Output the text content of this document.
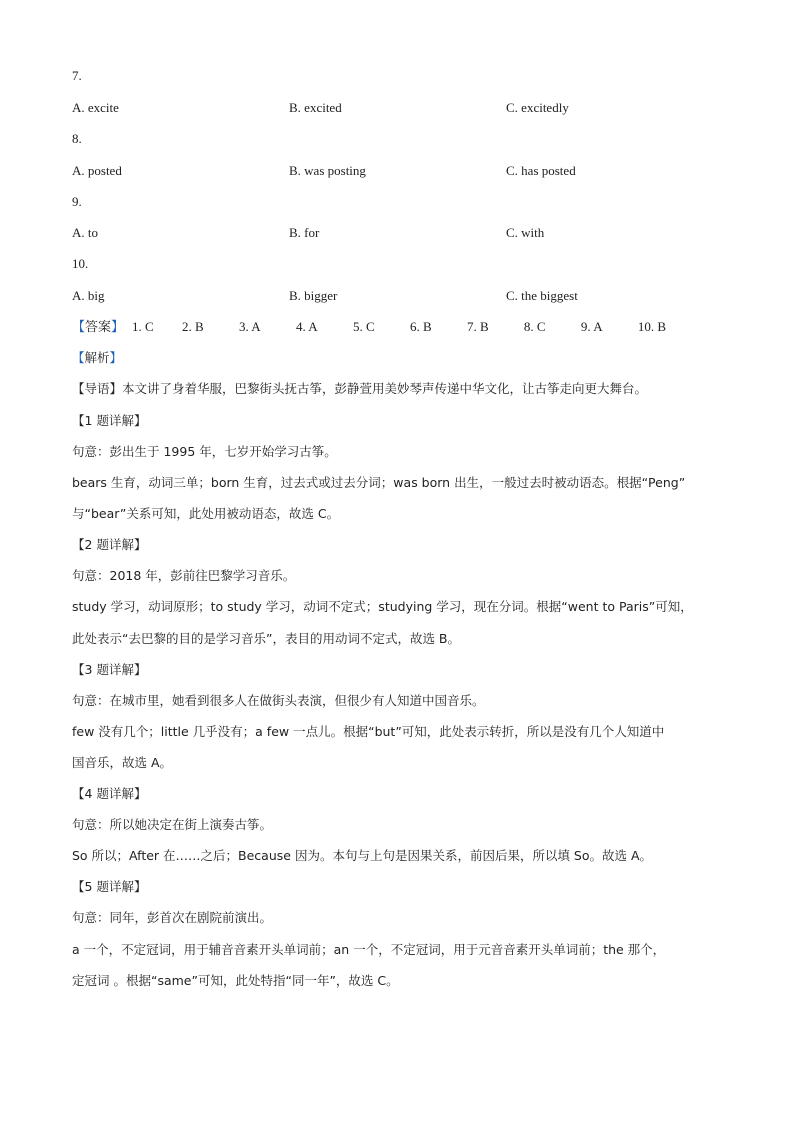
7.
A. excite	B. excited	C. excitedly
8.
A. posted	B. was posting	C. has posted
9.
A. to	B. for	C. with
10.
A. big	B. bigger	C. the biggest
【答案】 1. C 2. B	3. A	4. A	5. C	6. B	7. B	8. C	9. A	10. B
【解析】
【导语】本文讲了身着华服，巴黎街头抚古筝，彭静萱用美妙琴声传递中华文化，让古筝走向更大舞台。
【1 题详解】
句意：彭出生于 1995 年，七岁开始学习古筝。
bears 生育，动词三单；born 生育，过去式或过去分词；was born 出生，一般过去时被动语态。根据“Peng”
与“bear”关系可知，此处用被动语态，故选 C。
【2 题详解】
句意：2018 年，彭前往巴黎学习音乐。
study 学习，动词原形；to study 学习，动词不定式；studying 学习，现在分词。根据“went to Paris”可知，
此处表示“去巴黎的目的是学习音乐”，表目的用动词不定式，故选 B。
【3 题详解】
句意：在城市里，她看到很多人在做街头表演，但很少有人知道中国音乐。
few 没有几个；little 几乎没有；a few 一点儿。根据“but”可知，此处表示转折，所以是没有几个人知道中
国音乐，故选 A。
【4 题详解】
句意：所以她决定在街上演奏古筝。
So 所以；After 在……之后；Because 因为。本句与上句是因果关系，前因后果，所以填 So。故选 A。
【5 题详解】
句意：同年，彭首次在剧院前演出。
a 一个，不定冠词，用于辅音音素开头单词前；an 一个，不定冠词，用于元音音素开头单词前；the 那个，
定冠词 。根据“same”可知，此处特指“同一年”，故选 C。
